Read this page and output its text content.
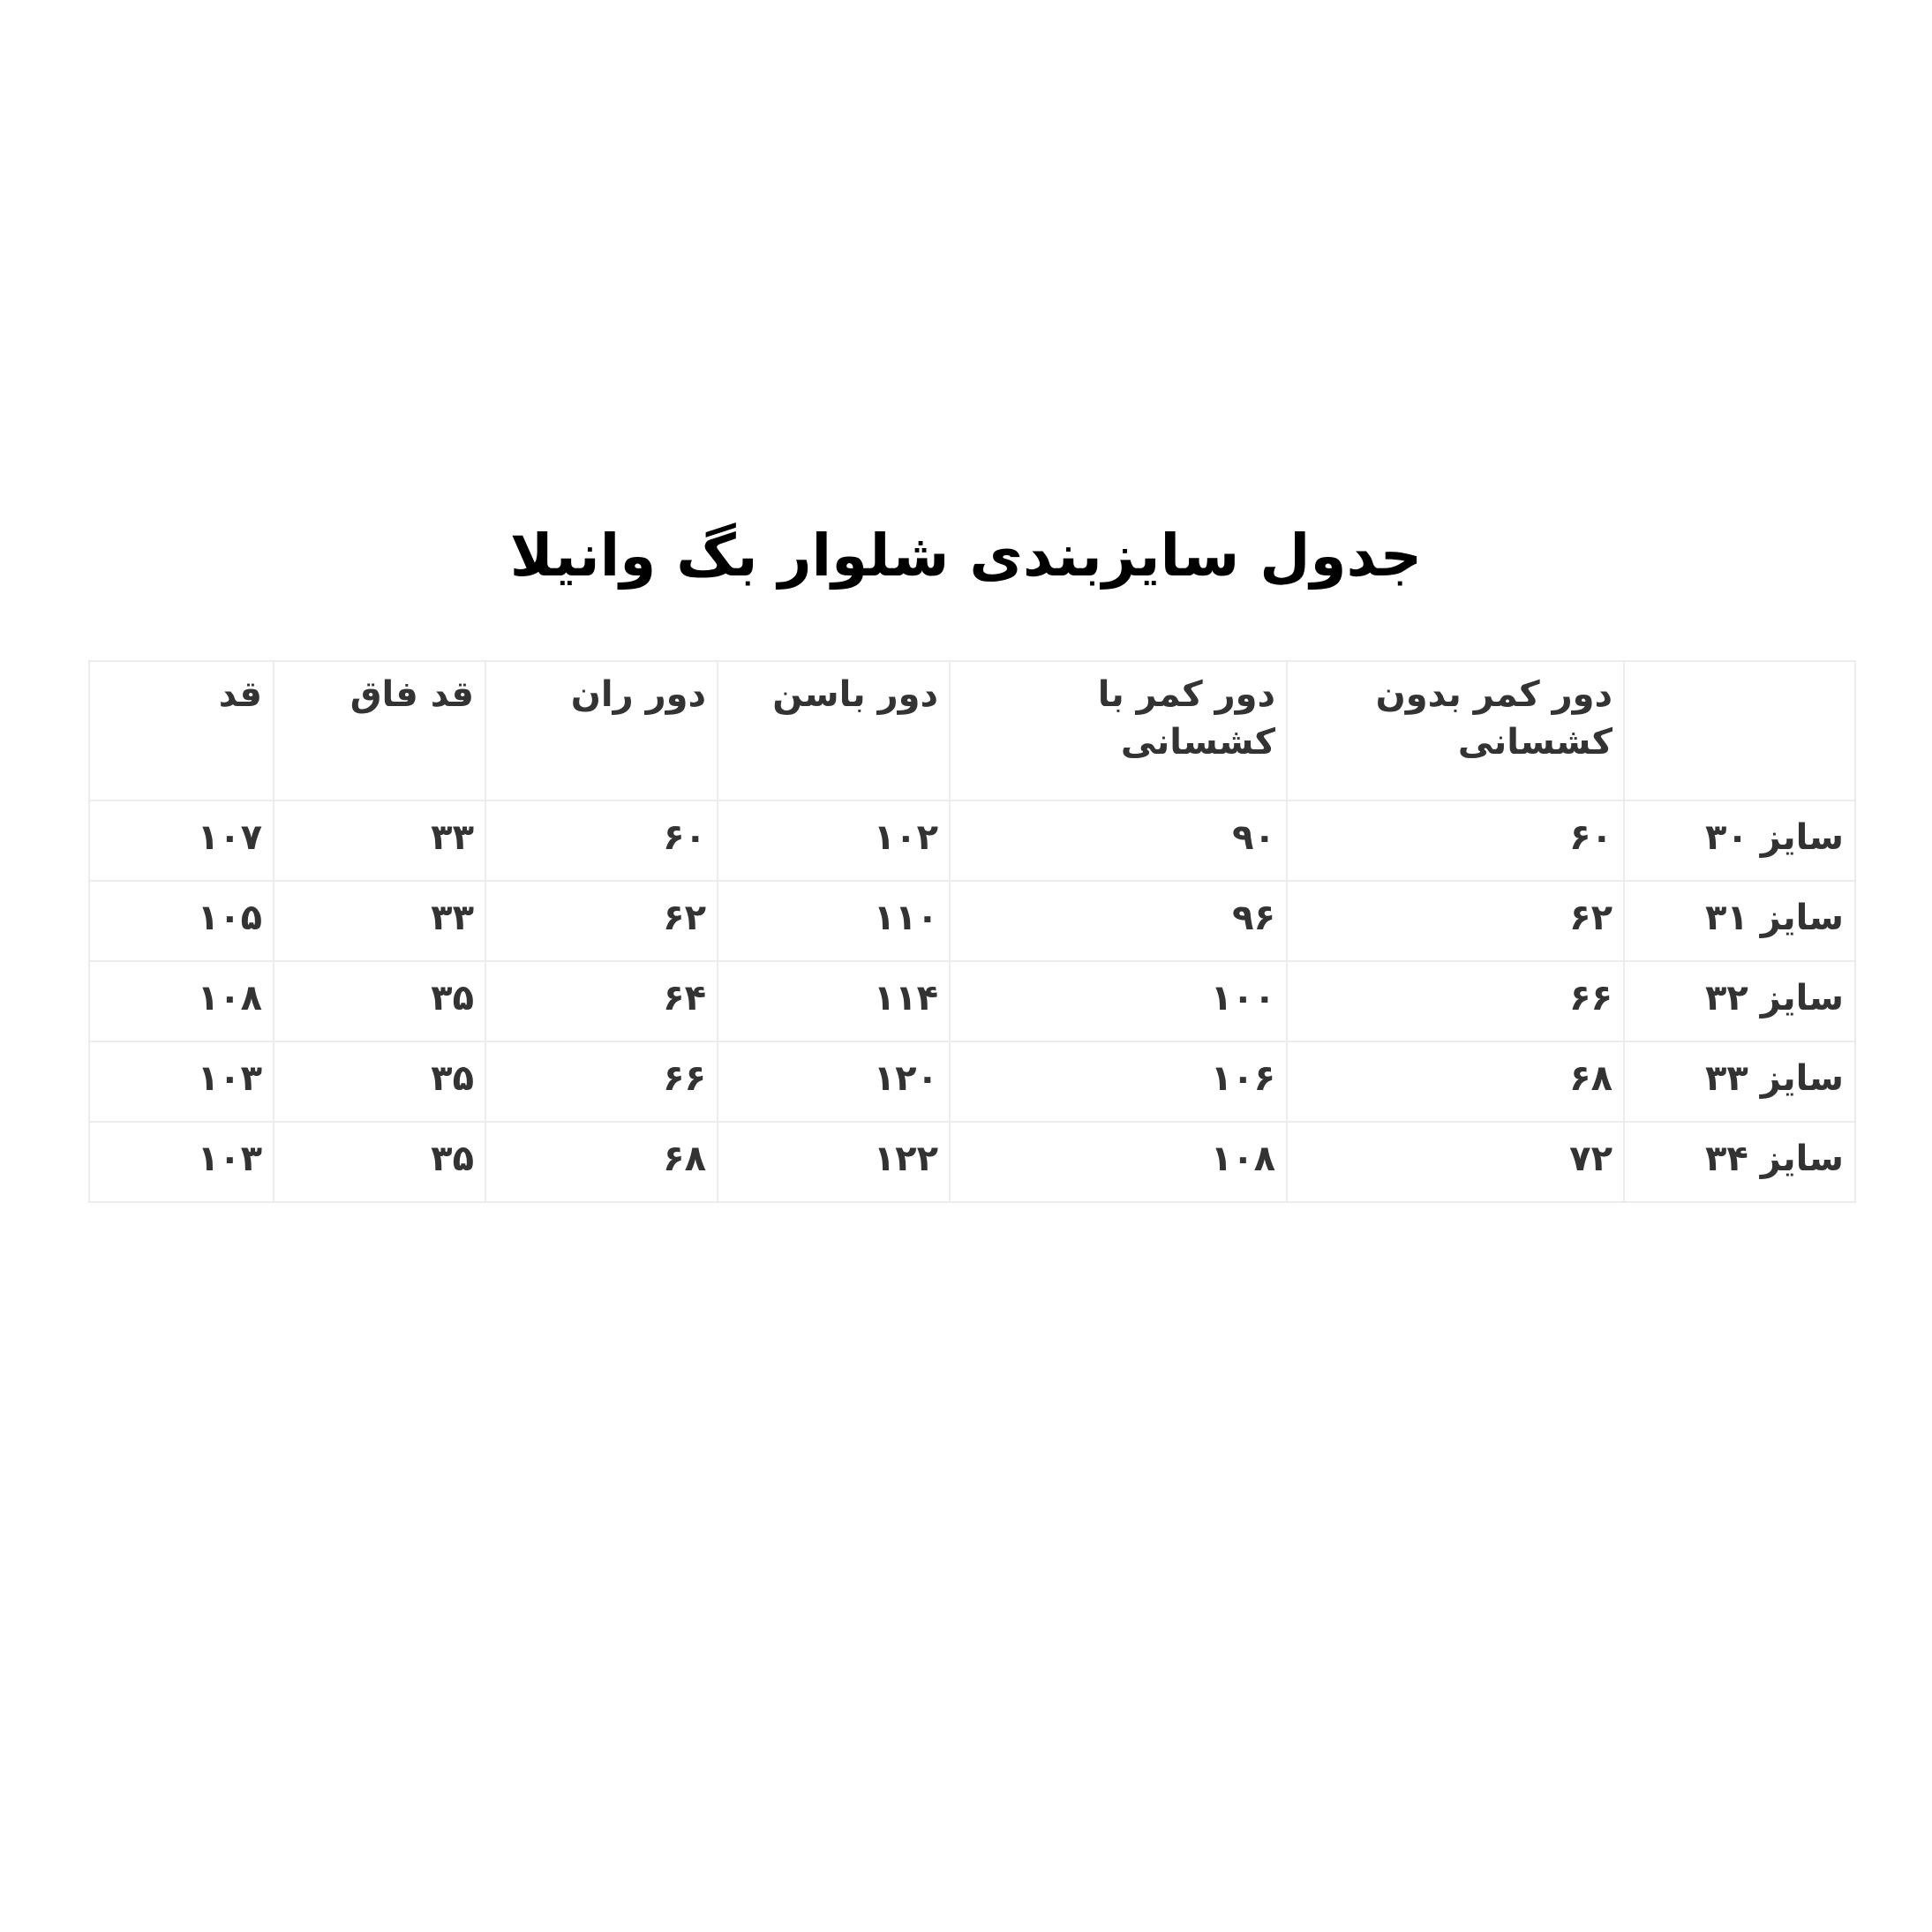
جدول سایزبندی شلوار بگ وانیلا
	دور کمر بدون کشسانی	دور کمر با کشسانی	دور باسن	دور ران	قد فاق	قد
سایز ۳۰	۶۰	۹۰	۱۰۲	۶۰	۳۳	۱۰۷
سایز ۳۱	۶۲	۹۶	۱۱۰	۶۲	۳۳	۱۰۵
سایز ۳۲	۶۶	۱۰۰	۱۱۴	۶۴	۳۵	۱۰۸
سایز ۳۳	۶۸	۱۰۶	۱۲۰	۶۶	۳۵	۱۰۳
سایز ۳۴	۷۲	۱۰۸	۱۲۲	۶۸	۳۵	۱۰۳
